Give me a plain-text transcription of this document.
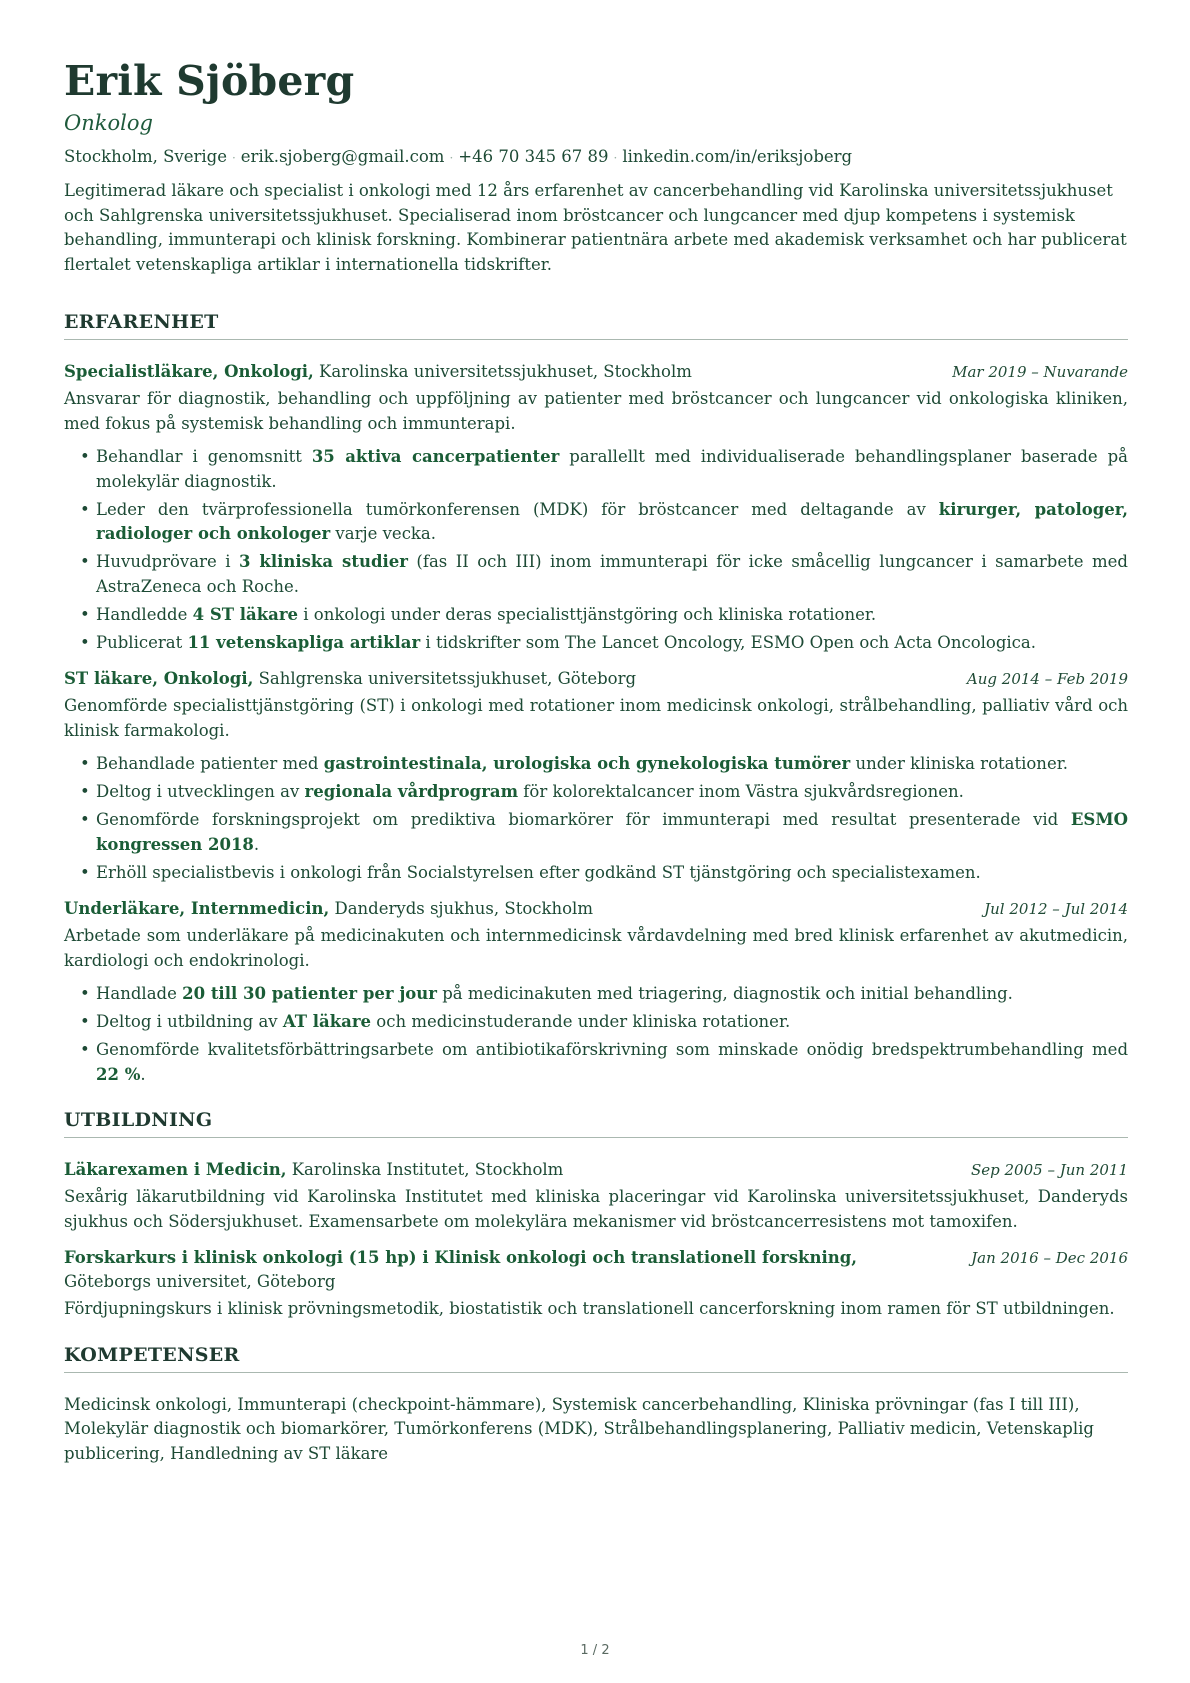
Erik Sjöberg
Onkolog
Stockholm, Sverige · erik.sjoberg@gmail.com · +46 70 345 67 89 · linkedin.com/in/eriksjoberg
Legitimerad läkare och specialist i onkologi med 12 års erfarenhet av cancerbehandling vid Karolinska universitetssjukhuset och Sahlgrenska universitetssjukhuset. Specialiserad inom bröstcancer och lungcancer med djup kompetens i systemisk behandling, immunterapi och klinisk forskning. Kombinerar patientnära arbete med akademisk verksamhet och har publicerat flertalet vetenskapliga artiklar i internationella tidskrifter.
ERFARENHET
Specialistläkare, Onkologi, Karolinska universitetssjukhuset, Stockholm	Mar 2019 – Nuvarande
Ansvarar för diagnostik, behandling och uppföljning av patienter med bröstcancer och lungcancer vid onkologiska kliniken, med fokus på systemisk behandling och immunterapi.
• Behandlar i genomsnitt 35 aktiva cancerpatienter parallellt med individualiserade behandlingsplaner baserade på molekylär diagnostik.
• Leder den tvärprofessionella tumörkonferensen (MDK) för bröstcancer med deltagande av kirurger, patologer, radiologer och onkologer varje vecka.
• Huvudprövare i 3 kliniska studier (fas II och III) inom immunterapi för icke småcellig lungcancer i samarbete med AstraZeneca och Roche.
• Handledde 4 ST läkare i onkologi under deras specialisttjänstgöring och kliniska rotationer.
• Publicerat 11 vetenskapliga artiklar i tidskrifter som The Lancet Oncology, ESMO Open och Acta Oncologica.
ST läkare, Onkologi, Sahlgrenska universitetssjukhuset, Göteborg	Aug 2014 – Feb 2019
Genomförde specialisttjänstgöring (ST) i onkologi med rotationer inom medicinsk onkologi, strålbehandling, palliativ vård och klinisk farmakologi.
• Behandlade patienter med gastrointestinala, urologiska och gynekologiska tumörer under kliniska rotationer.
• Deltog i utvecklingen av regionala vårdprogram för kolorektalcancer inom Västra sjukvårdsregionen.
• Genomförde forskningsprojekt om prediktiva biomarkörer för immunterapi med resultat presenterade vid ESMO kongressen 2018.
• Erhöll specialistbevis i onkologi från Socialstyrelsen efter godkänd ST tjänstgöring och specialistexamen.
Underläkare, Internmedicin, Danderyds sjukhus, Stockholm	Jul 2012 – Jul 2014
Arbetade som underläkare på medicinakuten och internmedicinsk vårdavdelning med bred klinisk erfarenhet av akutmedicin, kardiologi och endokrinologi.
• Handlade 20 till 30 patienter per jour på medicinakuten med triagering, diagnostik och initial behandling.
• Deltog i utbildning av AT läkare och medicinstuderande under kliniska rotationer.
• Genomförde kvalitetsförbättringsarbete om antibiotikaförskrivning som minskade onödig bredspektrumbehandling med 22 %.
UTBILDNING
Läkarexamen i Medicin, Karolinska Institutet, Stockholm	Sep 2005 – Jun 2011
Sexårig läkarutbildning vid Karolinska Institutet med kliniska placeringar vid Karolinska universitetssjukhuset, Danderyds sjukhus och Södersjukhuset. Examensarbete om molekylära mekanismer vid bröstcancerresistens mot tamoxifen.
Forskarkurs i klinisk onkologi (15 hp) i Klinisk onkologi och translationell forskning, Göteborgs universitet, Göteborg
Jan 2016 – Dec 2016
Fördjupningskurs i klinisk prövningsmetodik, biostatistik och translationell cancerforskning inom ramen för ST utbildningen.
KOMPETENSER
Medicinsk onkologi, Immunterapi (checkpoint-hämmare), Systemisk cancerbehandling, Kliniska prövningar (fas I till III), Molekylär diagnostik och biomarkörer, Tumörkonferens (MDK), Strålbehandlingsplanering, Palliativ medicin, Vetenskaplig publicering, Handledning av ST läkare
1 / 2
